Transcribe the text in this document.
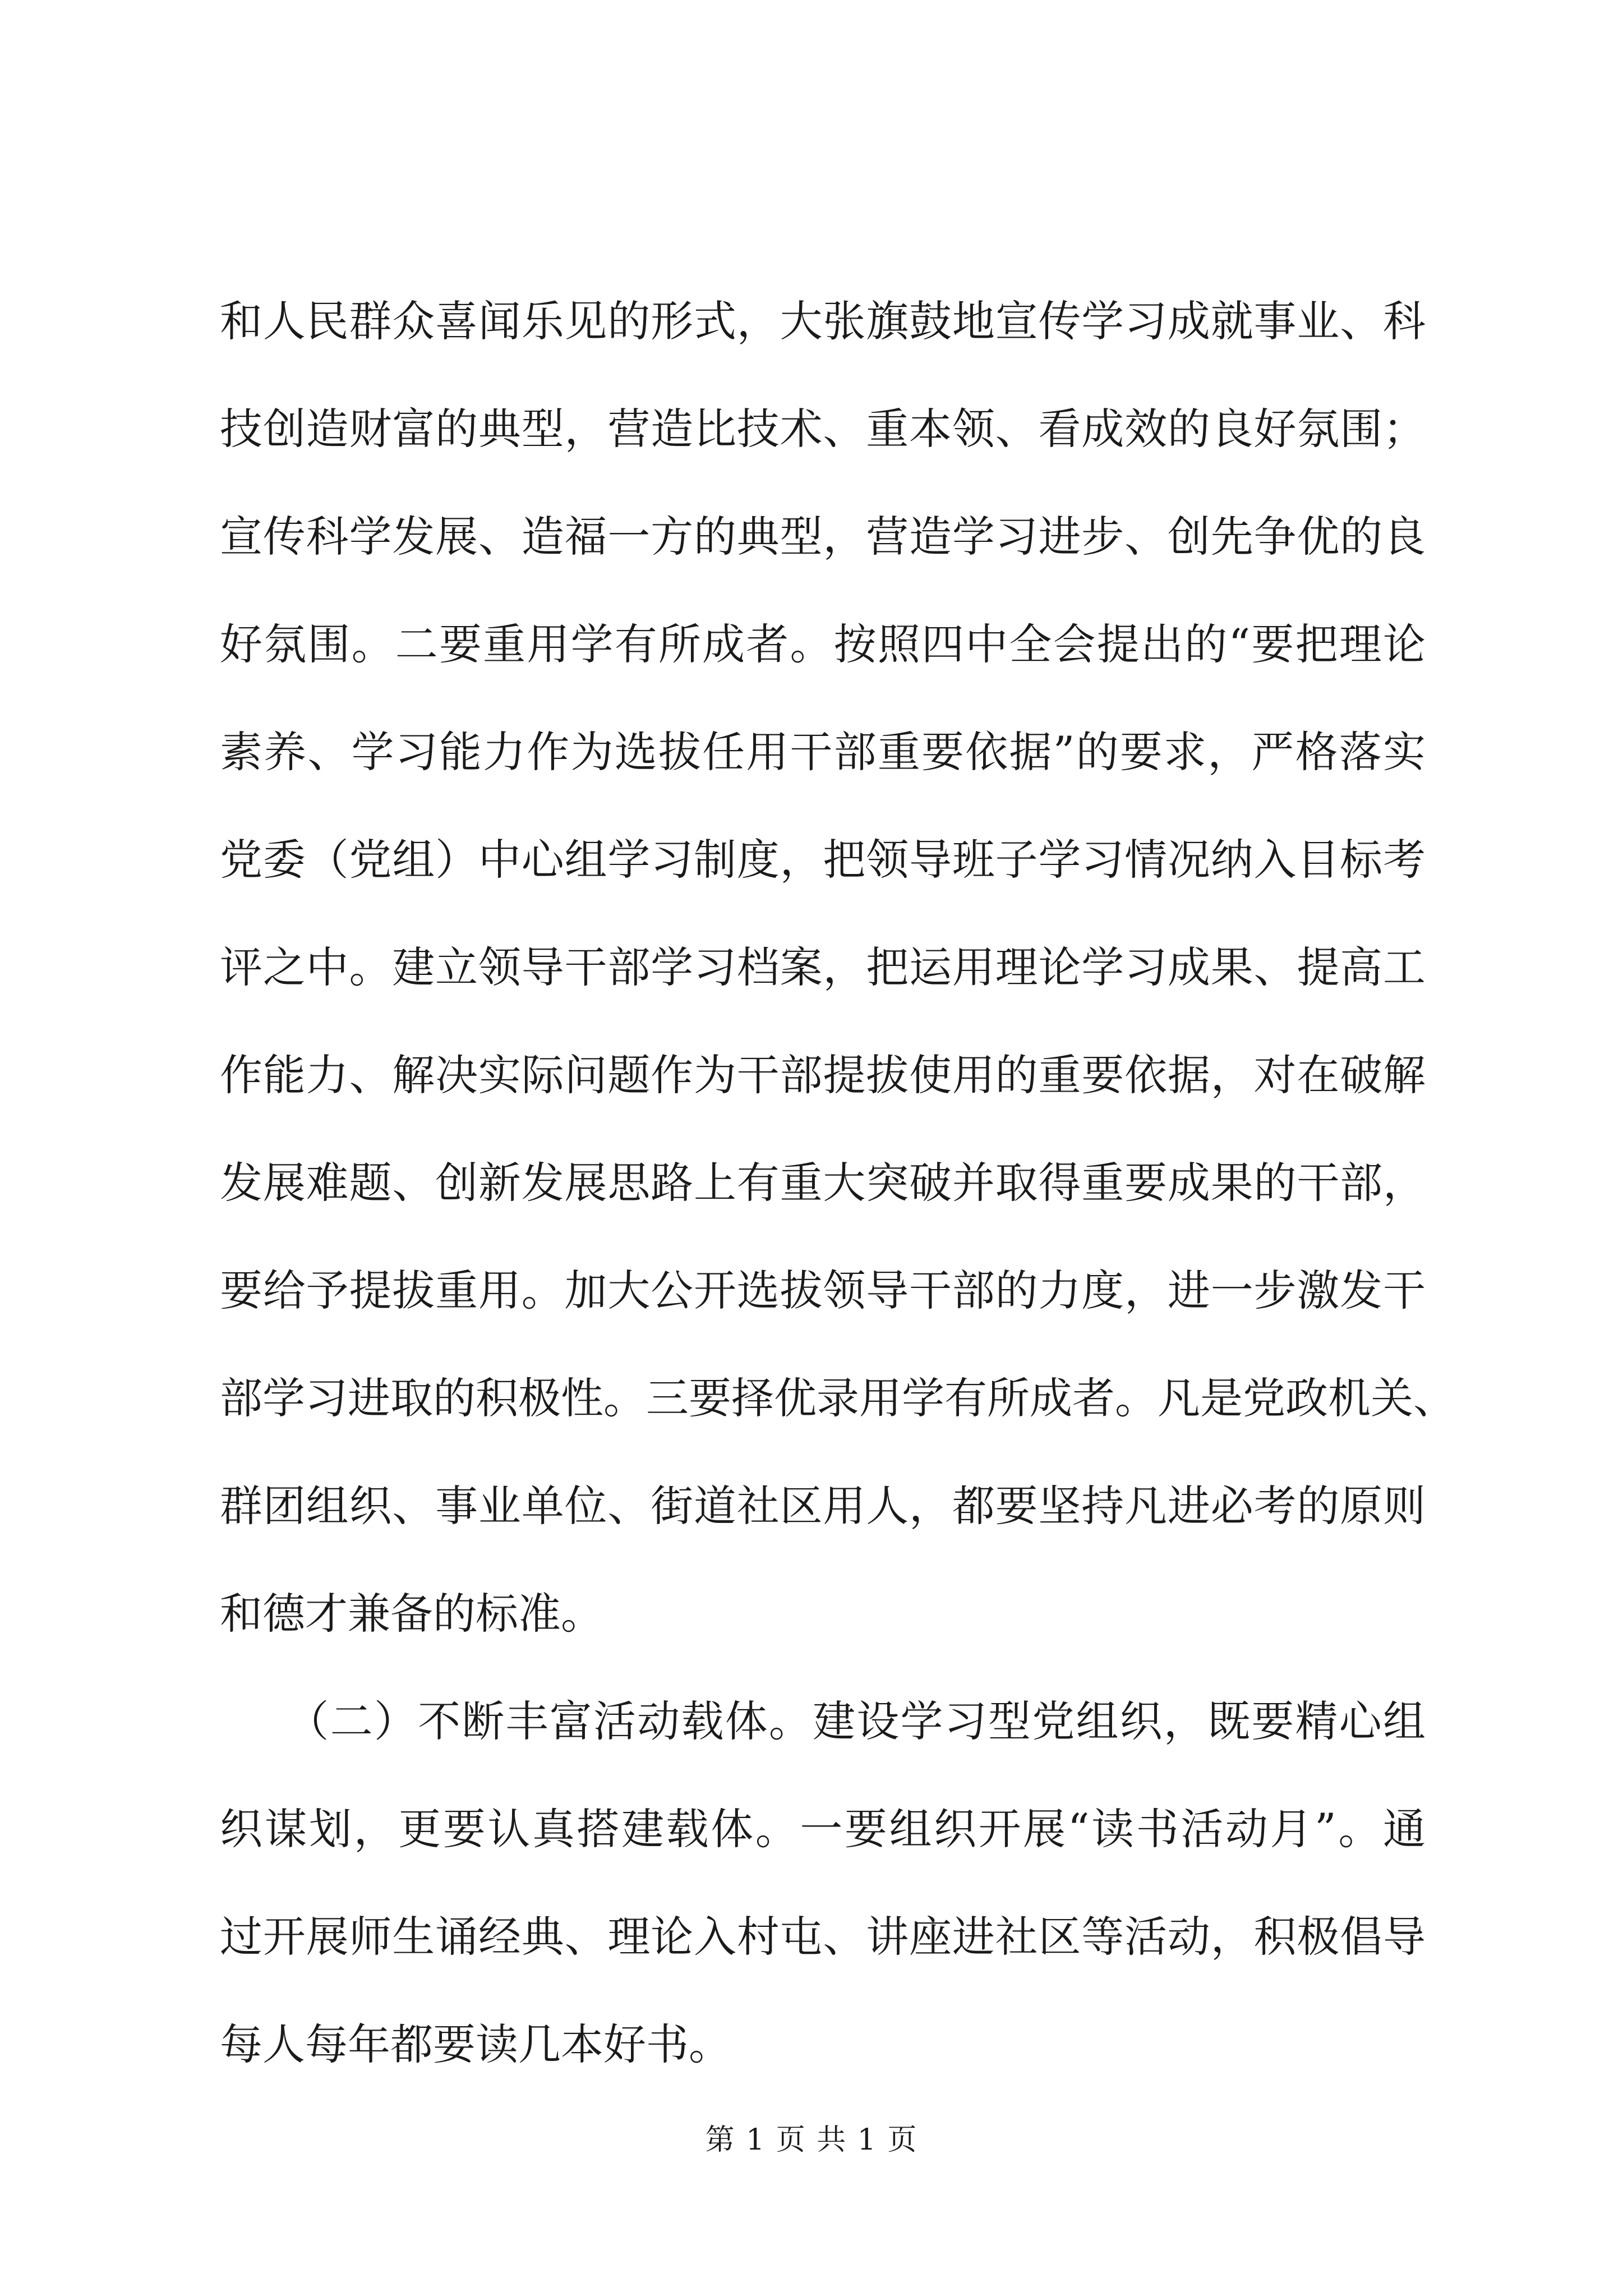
和人民群众喜闻乐见的形式，大张旗鼓地宣传学习成就事业、科
技创造财富的典型，营造比技术、重本领、看成效的良好氛围；
宣传科学发展、造福一方的典型，营造学习进步、创先争优的良
好氛围。二要重用学有所成者。按照四中全会提出的“要把理论
素养、学习能力作为选拔任用干部重要依据”的要求，严格落实
党委（党组）中心组学习制度，把领导班子学习情况纳入目标考
评之中。建立领导干部学习档案，把运用理论学习成果、提高工
作能力、解决实际问题作为干部提拔使用的重要依据，对在破解
发展难题、创新发展思路上有重大突破并取得重要成果的干部，
要给予提拔重用。加大公开选拔领导干部的力度，进一步激发干
部学习进取的积极性。三要择优录用学有所成者。凡是党政机关、
群团组织、事业单位、街道社区用人，都要坚持凡进必考的原则
和德才兼备的标准。
　　（二）不断丰富活动载体。建设学习型党组织，既要精心组
织谋划，更要认真搭建载体。一要组织开展“读书活动月”。通
过开展师生诵经典、理论入村屯、讲座进社区等活动，积极倡导
每人每年都要读几本好书。
第 1 页 共 1 页
